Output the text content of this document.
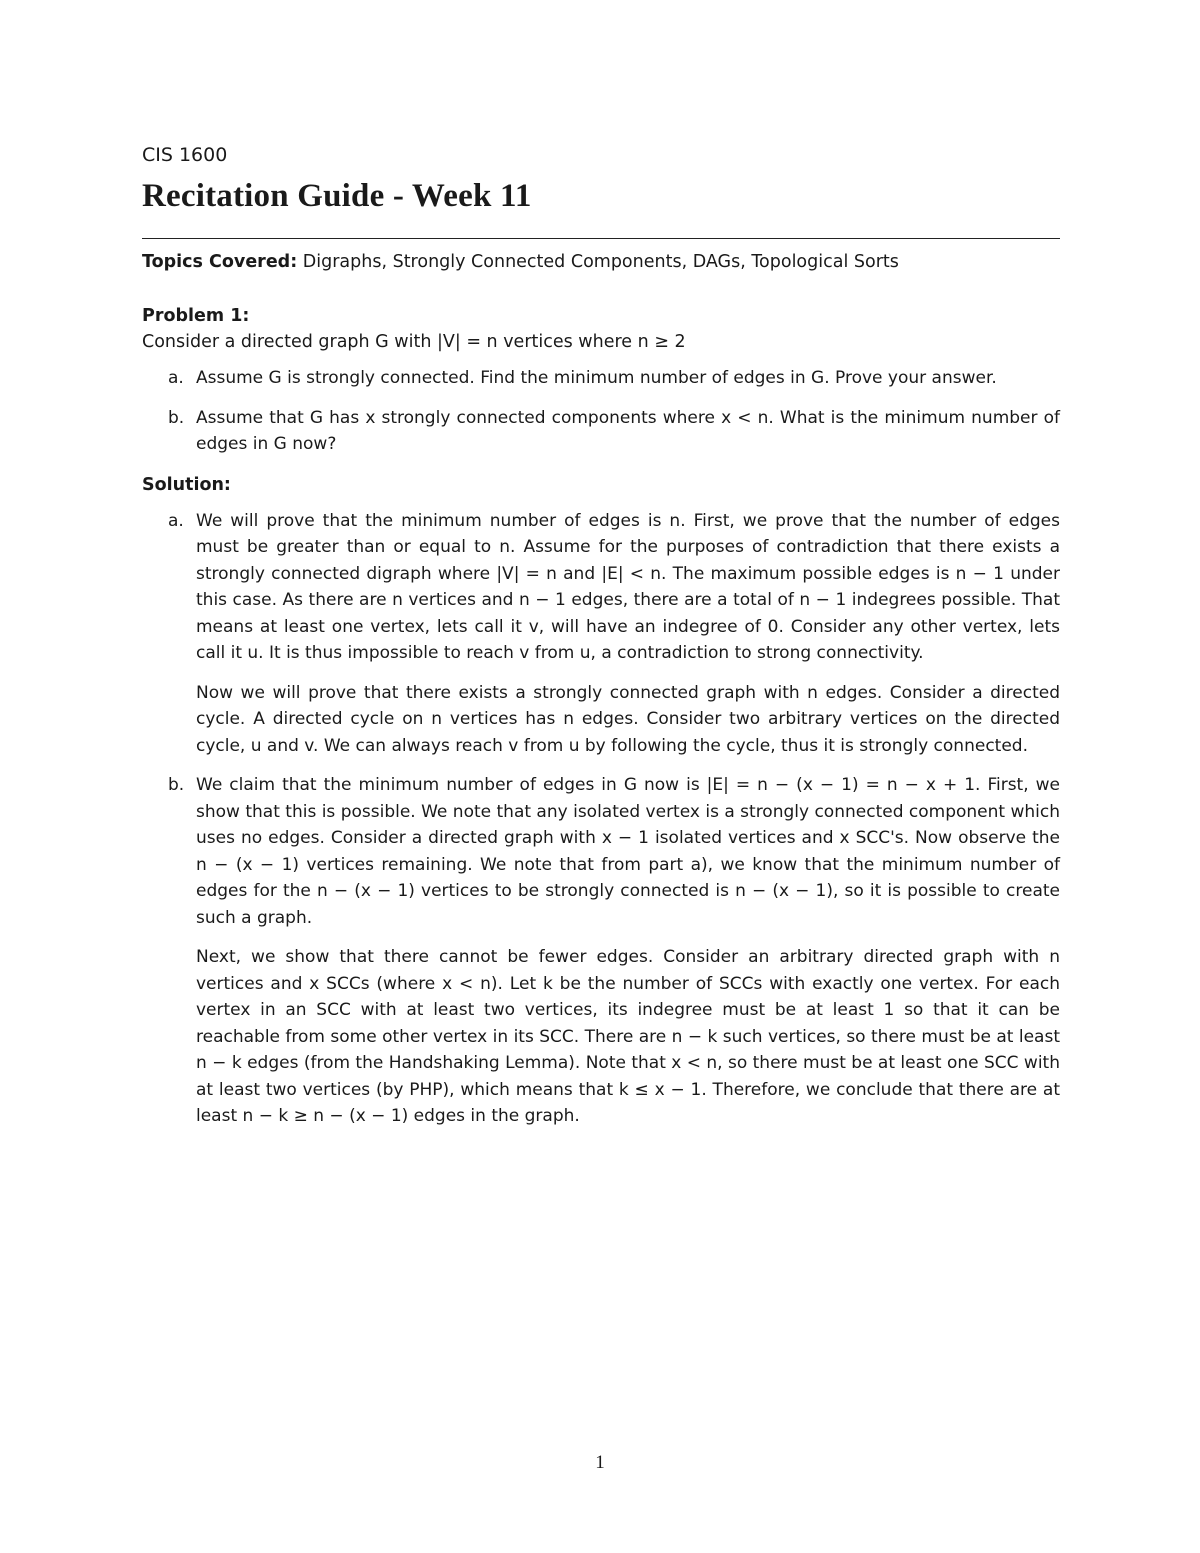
CIS 1600
Recitation Guide - Week 11
Topics Covered: Digraphs, Strongly Connected Components, DAGs, Topological Sorts
Problem 1:
Consider a directed graph G with |V| = n vertices where n ≥ 2
a. Assume G is strongly connected. Find the minimum number of edges in G. Prove your answer.

b. Assume that G has x strongly connected components where x < n. What is the minimum number of edges in G now?

Solution:
a. We will prove that the minimum number of edges is n. First, we prove that the number of edges must be greater than or equal to n. Assume for the purposes of contradiction that there exists a strongly connected digraph where |V| = n and |E| < n. The maximum possible edges is n − 1 under this case. As there are n vertices and n − 1 edges, there are a total of n − 1 indegrees possible. That means at least one vertex, lets call it v, will have an indegree of 0. Consider any other vertex, lets call it u. It is thus impossible to reach v from u, a contradiction to strong connectivity.

Now we will prove that there exists a strongly connected graph with n edges. Consider a directed cycle. A directed cycle on n vertices has n edges. Consider two arbitrary vertices on the directed cycle, u and v. We can always reach v from u by following the cycle, thus it is strongly connected.

b. We claim that the minimum number of edges in G now is |E| = n − (x − 1) = n − x + 1. First, we show that this is possible. We note that any isolated vertex is a strongly connected component which uses no edges. Consider a directed graph with x − 1 isolated vertices and x SCC's. Now observe the n − (x − 1) vertices remaining. We note that from part a), we know that the minimum number of edges for the n − (x − 1) vertices to be strongly connected is n − (x − 1), so it is possible to create such a graph.

Next, we show that there cannot be fewer edges. Consider an arbitrary directed graph with n vertices and x SCCs (where x < n). Let k be the number of SCCs with exactly one vertex. For each vertex in an SCC with at least two vertices, its indegree must be at least 1 so that it can be reachable from some other vertex in its SCC. There are n − k such vertices, so there must be at least n − k edges (from the Handshaking Lemma). Note that x < n, so there must be at least one SCC with at least two vertices (by PHP), which means that k ≤ x − 1. Therefore, we conclude that there are at least n − k ≥ n − (x − 1) edges in the graph.

1
